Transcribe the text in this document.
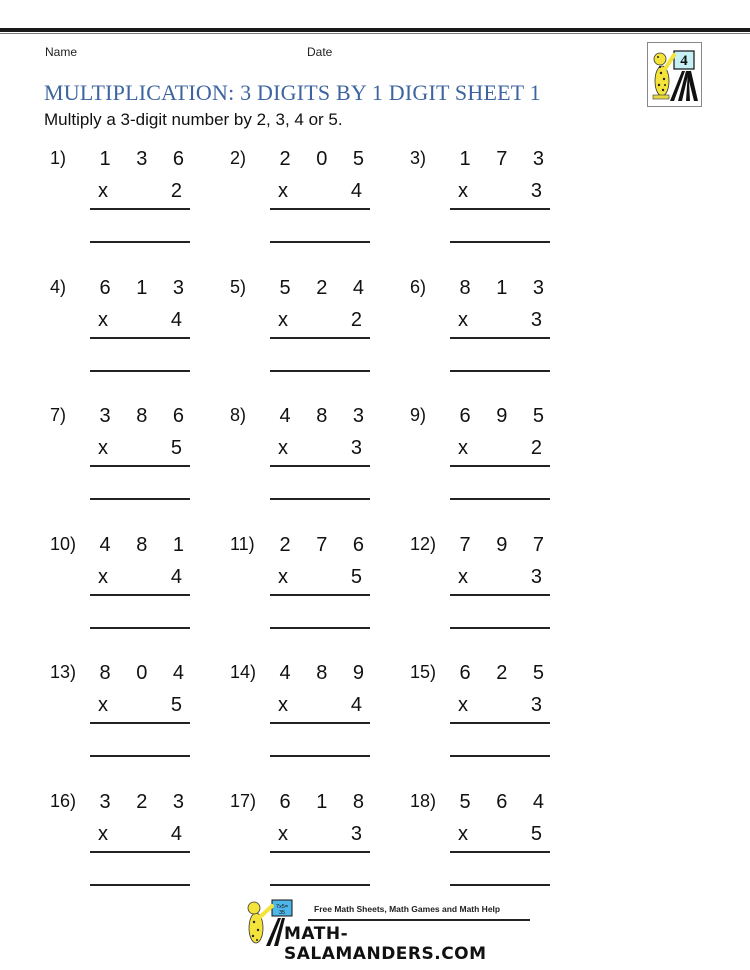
Name	Date
MULTIPLICATION: 3 DIGITS BY 1 DIGIT SHEET 1
Multiply a 3-digit number by 2, 3, 4 or 5.
4
1) 1 3 6
x	2
2) 2 0 5
x	4
3) 1 7 3
x	3
4) 6 1 3
x	4
5) 5 2 4
x	2
6) 8 1 3
x	3
7) 3 8 6
x	5
8) 4 8 3
x	3
9) 6 9 5
x	2
10) 4 8 1
x	4
11) 2 7 6
x	5
12) 7 9 7
x	3
13) 8 0 4
x	5
14) 4 8 9
x	4
15) 6 2 5
x	3
16) 3 2 3
x	4
17) 6 1 8
x	3
18) 5 6 4
x	5
7x5=
35	Free Math Sheets, Math Games and Math Help
MATH-SALAMANDERS.COM
